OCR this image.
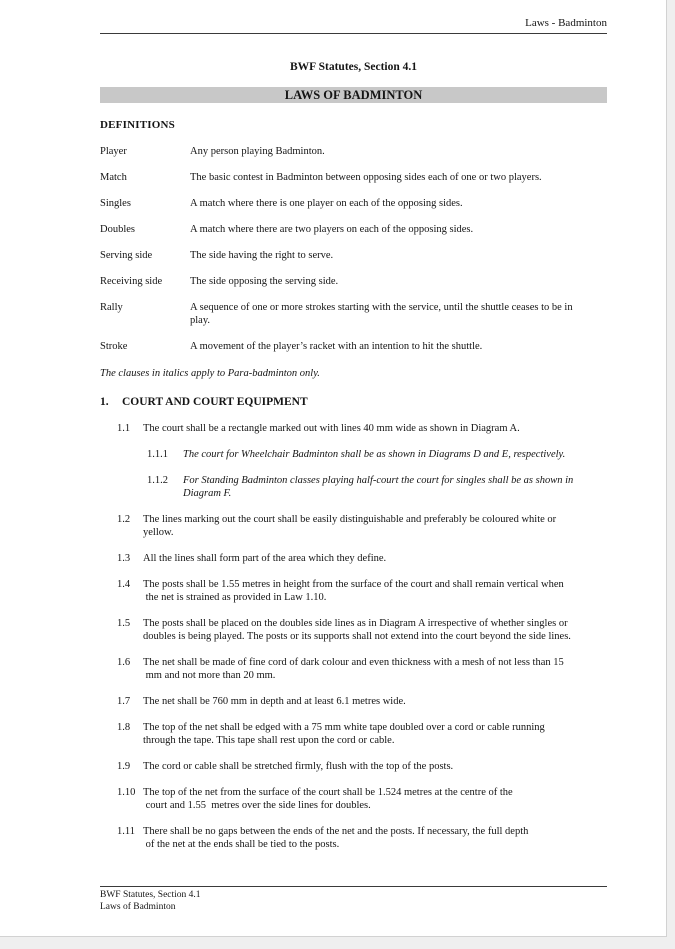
Laws - Badminton
BWF Statutes, Section 4.1
LAWS OF BADMINTON
DEFINITIONS
Player	Any person playing Badminton.
Match	The basic contest in Badminton between opposing sides each of one or two players.
Singles	A match where there is one player on each of the opposing sides.
Doubles	A match where there are two players on each of the opposing sides.
Serving side	The side having the right to serve.
Receiving side	The side opposing the serving side.
Rally	A sequence of one or more strokes starting with the service, until the shuttle ceases to be in
play.
Stroke	A movement of the player’s racket with an intention to hit the shuttle.
The clauses in italics apply to Para-badminton only.
1.	COURT AND COURT EQUIPMENT
1.1	The court shall be a rectangle marked out with lines 40 mm wide as shown in Diagram A.
1.1.1	The court for Wheelchair Badminton shall be as shown in Diagrams D and E, respectively.
1.1.2	For Standing Badminton classes playing half-court the court for singles shall be as shown in
Diagram F.
1.2	The lines marking out the court shall be easily distinguishable and preferably be coloured white or
yellow.
1.3	All the lines shall form part of the area which they define.
1.4	The posts shall be 1.55 metres in height from the surface of the court and shall remain vertical when
the net is strained as provided in Law 1.10.
1.5	The posts shall be placed on the doubles side lines as in Diagram A irrespective of whether singles or
doubles is being played. The posts or its supports shall not extend into the court beyond the side lines.
1.6	The net shall be made of fine cord of dark colour and even thickness with a mesh of not less than 15
mm and not more than 20 mm.
1.7	The net shall be 760 mm in depth and at least 6.1 metres wide.
1.8	The top of the net shall be edged with a 75 mm white tape doubled over a cord or cable running
through the tape. This tape shall rest upon the cord or cable.
1.9	The cord or cable shall be stretched firmly, flush with the top of the posts.
1.10 The top of the net from the surface of the court shall be 1.524 metres at the centre of the
court and 1.55  metres over the side lines for doubles.
1.11 There shall be no gaps between the ends of the net and the posts. If necessary, the full depth
of the net at the ends shall be tied to the posts.
BWF Statutes, Section 4.1
Laws of Badminton
